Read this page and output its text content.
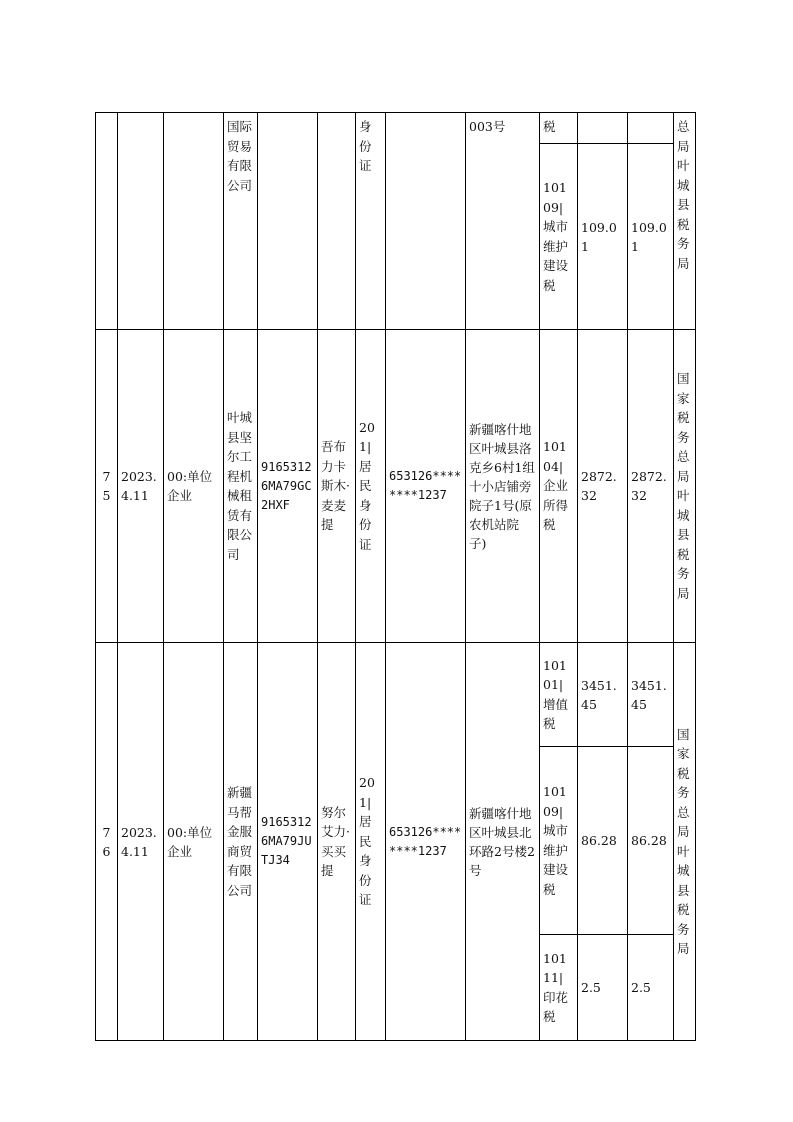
			国际贸易有限公司			身份证		003号	税			总局叶城县税务局
									10109|城市维护建设税	109.01	109.01	
75	2023.4.11	00:单位企业	叶城县坚尔工程机械租赁有限公司	91653126MA79GC2HXF	吾布力卡斯木·麦麦提	201|居民身份证	653126********1237	新疆喀什地区叶城县洛克乡6村1组十小店铺旁院子1号(原农机站院子)	10104|企业所得税	2872.32	2872.32	国家税务总局叶城县税务局
76	2023.4.11	00:单位企业	新疆马帮金服商贸有限公司	91653126MA79JUTJ34	努尔艾力·买买提	201|居民身份证	653126********1237	新疆喀什地区叶城县北环路2号楼2号	10101|增值税	3451.45	3451.45	国家税务总局叶城县税务局
									10109|城市维护建设税	86.28	86.28	
									10111|印花税	2.5	2.5	
